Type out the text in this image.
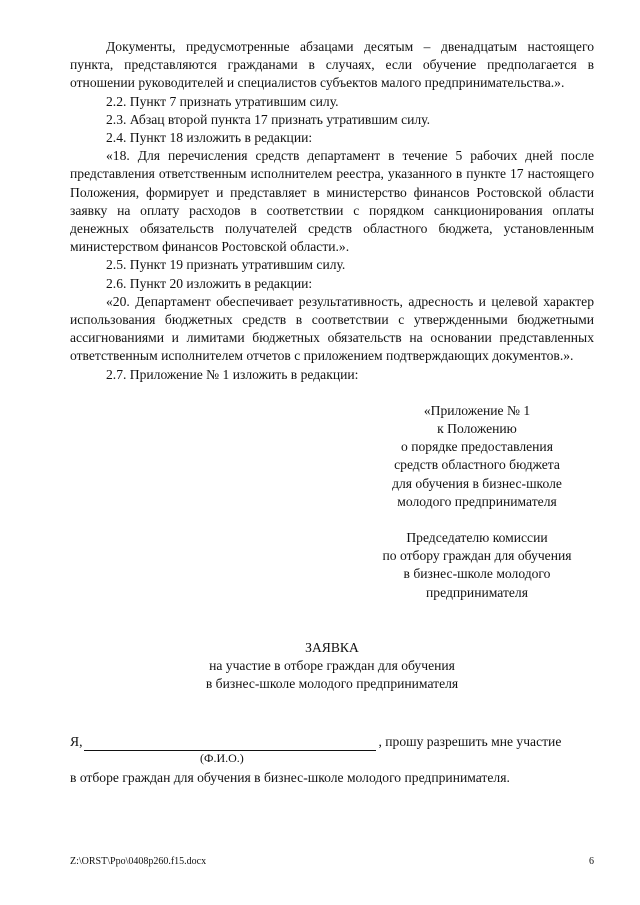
Документы, предусмотренные абзацами десятым – двенадцатым настоящего пункта, представляются гражданами в случаях, если обучение предполагается в отношении руководителей и специалистов субъектов малого предпринимательства.».

2.2. Пункт 7 признать утратившим силу.

2.3. Абзац второй пункта 17 признать утратившим силу.

2.4. Пункт 18 изложить в редакции:

«18. Для перечисления средств департамент в течение 5 рабочих дней после представления ответственным исполнителем реестра, указанного в пункте 17 настоящего Положения, формирует и представляет в министерство финансов Ростовской области заявку на оплату расходов в соответствии с порядком санкционирования оплаты денежных обязательств получателей средств областного бюджета, установленным министерством финансов Ростовской области.».

2.5. Пункт 19 признать утратившим силу.

2.6. Пункт 20 изложить в редакции:

«20. Департамент обеспечивает результативность, адресность и целевой характер использования бюджетных средств в соответствии с утвержденными бюджетными ассигнованиями и лимитами бюджетных обязательств на основании представленных ответственным исполнителем отчетов с приложением подтверждающих документов.».

2.7. Приложение № 1 изложить в редакции:

«Приложение № 1
к Положению
о порядке предоставления
средств областного бюджета
для обучения в бизнес-школе
молодого предпринимателя
Председателю комиссии
по отбору граждан для обучения
в бизнес-школе молодого
предпринимателя
ЗАЯВКА
на участие в отборе граждан для обучения
в бизнес-школе молодого предпринимателя
Я,	, прошу разрешить мне участие
(Ф.И.О.)
в отборе граждан для обучения в бизнес-школе молодого предпринимателя.
Z:\ORST\Ppo\0408p260.f15.docx	6
